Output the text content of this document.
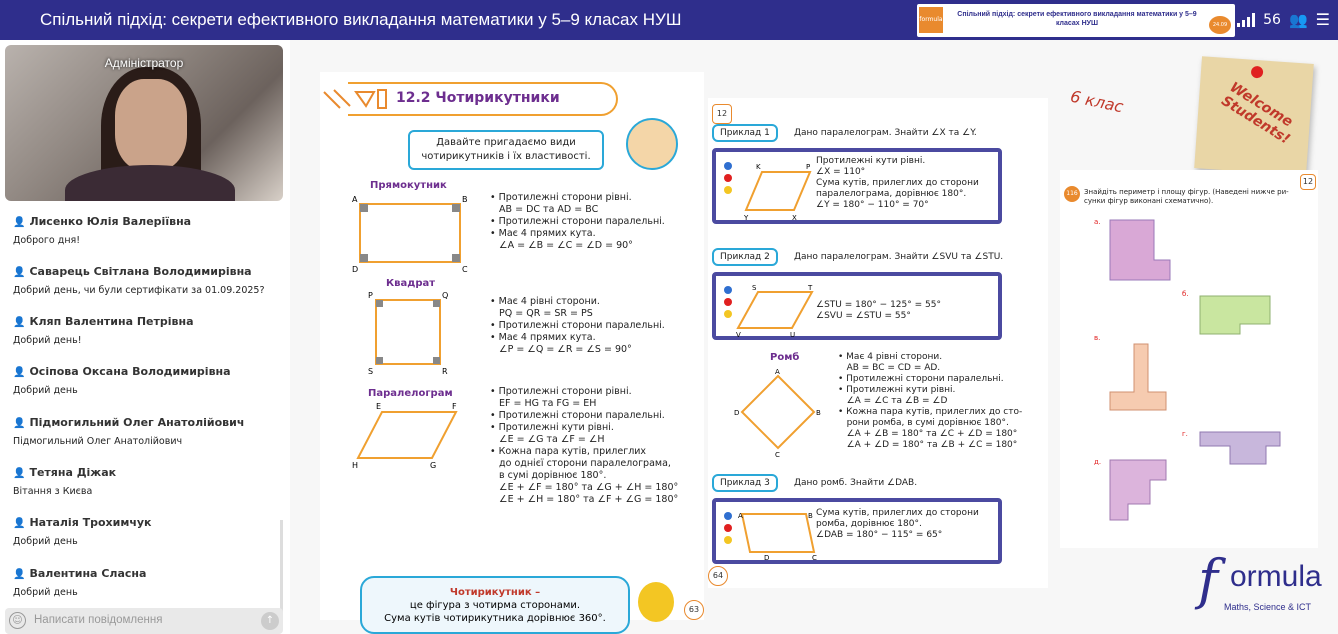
Спільний підхід: секрети ефективного викладання математики у 5–9 класах НУШ	formula
Спільний підхід: секрети ефективного викладання математики у 5–9 класах НУШ	24.09	56 👥 ☰
Адміністратор
👤 Лисенко Юлія Валеріївна
Доброго дня!
👤 Саварець Світлана Володимирівна
Добрий день, чи були сертифікати за 01.09.2025?
👤 Кляп Валентина Петрівна
Добрий день!
👤 Осіпова Оксана Володимирівна
Добрий день
👤 Підмогильний Олег Анатолійович
Підмогильний Олег Анатолійович
👤 Тетяна Діжак
Вітання з Києва
👤 Наталія Трохимчук
Добрий день
👤 Валентина Сласна
Добрий день
☺ Написати повідомлення	↑
12.2 Чотирикутники
Давайте пригадаємо види чотирикутників і їх властивості.
Прямокутник
A	B
D	C
• Протилежні сторони рівні.
AB = DC та AD = BC
• Протилежні сторони паралельні.
• Має 4 прямих кута.
∠A = ∠B = ∠C = ∠D = 90°
Квадрат
P	Q
S	R
• Має 4 рівні сторони.
PQ = QR = SR = PS
• Протилежні сторони паралельні.
• Має 4 прямих кута.
∠P = ∠Q = ∠R = ∠S = 90°
Паралелограм
E	F
H	G
• Протилежні сторони рівні.
EF = HG та FG = EH
• Протилежні сторони паралельні.
• Протилежні кути рівні.
∠E = ∠G та ∠F = ∠H
• Кожна пара кутів, прилеглих
до однієї сторони паралелограма,
в сумі дорівнює 180°.
∠E + ∠F = 180° та ∠G + ∠H = 180°
∠E + ∠H = 180° та ∠F + ∠G = 180°
Чотирикутник –
це фігура з чотирма сторонами.
Сума кутів чотирикутника дорівнює 360°.
63
12
Приклад 1	Дано паралелограм. Знайти ∠X та ∠Y.
K	P
Y	X
Протилежні кути рівні.
∠X = 110°
Сума кутів, прилеглих до сторони
паралелограма, дорівнює 180°.
∠Y = 180° − 110° = 70°
Приклад 2	Дано паралелограм. Знайти ∠SVU та ∠STU.
S	T
V	U
∠STU = 180° − 125° = 55°
∠SVU = ∠STU = 55°
Ромб
A
B
C
D
• Має 4 рівні сторони.
AB = BC = CD = AD.
• Протилежні сторони паралельні.
• Протилежні кути рівні.
∠A = ∠C та ∠B = ∠D
• Кожна пара кутів, прилеглих до сто-
рони ромба, в сумі дорівнює 180°.
∠A + ∠B = 180° та ∠C + ∠D = 180°
∠A + ∠D = 180° та ∠B + ∠C = 180°
Приклад 3	Дано ромб. Знайти ∠DAB.
A	B
D	C
Сума кутів, прилеглих до сторони
ромба, дорівнює 180°.
∠DAB = 180° − 115° = 65°
64
6 клас	Welcome Students!
12
116 Знайдіть периметр і площу фігур. (Наведені нижче ри-
сунки фігур виконані схематично).
а.
б.
в.
г.
д.
f ormula
Maths, Science & ICT
